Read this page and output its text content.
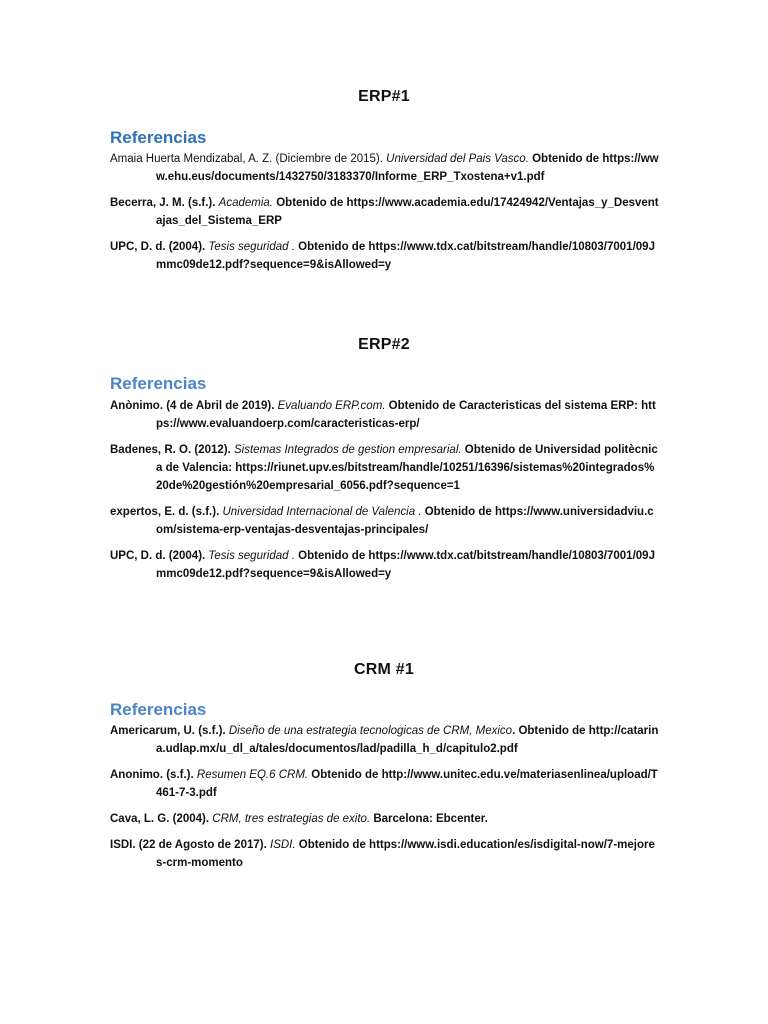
ERP#1
Referencias

Amaia Huerta Mendizabal, A. Z. (Diciembre de 2015). Universidad del Pais Vasco. Obtenido de https://www.ehu.eus/documents/1432750/3183370/Informe_ERP_Txostena+v1.pdf

Becerra, J. M. (s.f.). Academia. Obtenido de https://www.academia.edu/17424942/Ventajas_y_Desventajas_del_Sistema_ERP

UPC, D. d. (2004). Tesis seguridad . Obtenido de https://www.tdx.cat/bitstream/handle/10803/7001/09Jmmc09de12.pdf?sequence=9&isAllowed=y

ERP#2
Referencias

Anònimo. (4 de Abril de 2019). Evaluando ERP.com. Obtenido de Caracteristicas del sistema ERP: https://www.evaluandoerp.com/caracteristicas-erp/

Badenes, R. O. (2012). Sistemas Integrados de gestion empresarial. Obtenido de Universidad politècnica de Valencia: https://riunet.upv.es/bitstream/handle/10251/16396/sistemas%20integrados%20de%20gestión%20empresarial_6056.pdf?sequence=1

expertos, E. d. (s.f.). Universidad Internacional de Valencia . Obtenido de https://www.universidadviu.com/sistema-erp-ventajas-desventajas-principales/

UPC, D. d. (2004). Tesis seguridad . Obtenido de https://www.tdx.cat/bitstream/handle/10803/7001/09Jmmc09de12.pdf?sequence=9&isAllowed=y

CRM #1
Referencias

Americarum, U. (s.f.). Diseño de una estrategia tecnologicas de CRM, Mexico. Obtenido de http://catarina.udlap.mx/u_dl_a/tales/documentos/lad/padilla_h_d/capitulo2.pdf

Anonimo. (s.f.). Resumen EQ.6 CRM. Obtenido de http://www.unitec.edu.ve/materiasenlinea/upload/T461-7-3.pdf

Cava, L. G. (2004). CRM, tres estrategias de exito. Barcelona: Ebcenter.

ISDI. (22 de Agosto de 2017). ISDI. Obtenido de https://www.isdi.education/es/isdigital-now/7-mejores-crm-momento
